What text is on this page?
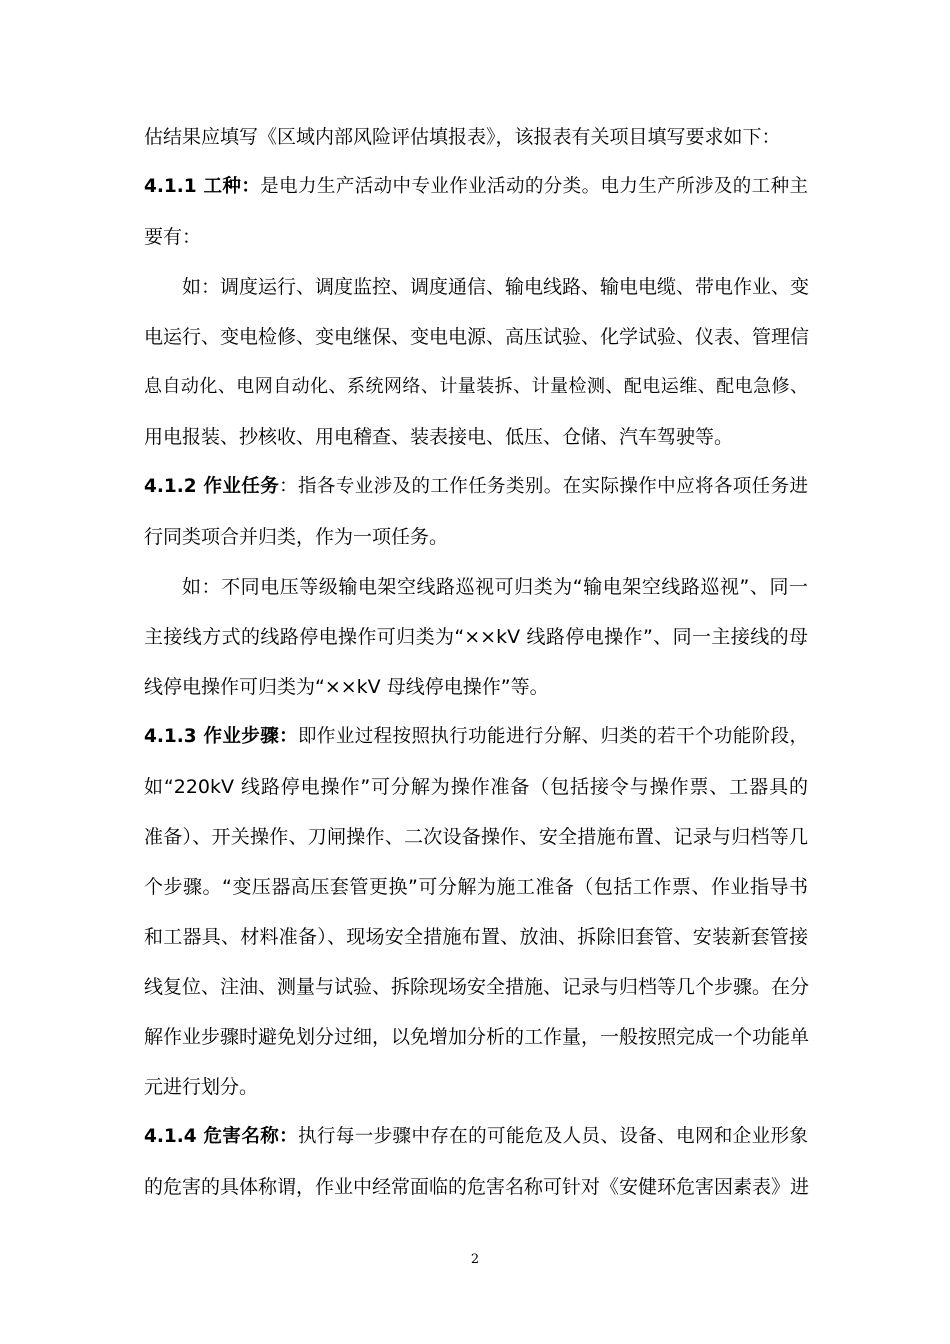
估结果应填写《区域内部风险评估填报表》，该报表有关项目填写要求如下：
4.1.1 工种：是电力生产活动中专业作业活动的分类。电力生产所涉及的工种主
要有：
如：调度运行、调度监控、调度通信、输电线路、输电电缆、带电作业、变
电运行、变电检修、变电继保、变电电源、高压试验、化学试验、仪表、管理信
息自动化、电网自动化、系统网络、计量装拆、计量检测、配电运维、配电急修、
用电报装、抄核收、用电稽查、装表接电、低压、仓储、汽车驾驶等。
4.1.2 作业任务：指各专业涉及的工作任务类别。在实际操作中应将各项任务进
行同类项合并归类，作为一项任务。
如：不同电压等级输电架空线路巡视可归类为“输电架空线路巡视”、同一
主接线方式的线路停电操作可归类为“××kV 线路停电操作”、同一主接线的母
线停电操作可归类为“××kV 母线停电操作”等。
4.1.3 作业步骤：即作业过程按照执行功能进行分解、归类的若干个功能阶段，
如“220kV 线路停电操作”可分解为操作准备（包括接令与操作票、工器具的
准备）、开关操作、刀闸操作、二次设备操作、安全措施布置、记录与归档等几
个步骤。“变压器高压套管更换”可分解为施工准备（包括工作票、作业指导书
和工器具、材料准备）、现场安全措施布置、放油、拆除旧套管、安装新套管接
线复位、注油、测量与试验、拆除现场安全措施、记录与归档等几个步骤。在分
解作业步骤时避免划分过细，以免增加分析的工作量，一般按照完成一个功能单
元进行划分。
4.1.4 危害名称：执行每一步骤中存在的可能危及人员、设备、电网和企业形象
的危害的具体称谓，作业中经常面临的危害名称可针对《安健环危害因素表》进
2
